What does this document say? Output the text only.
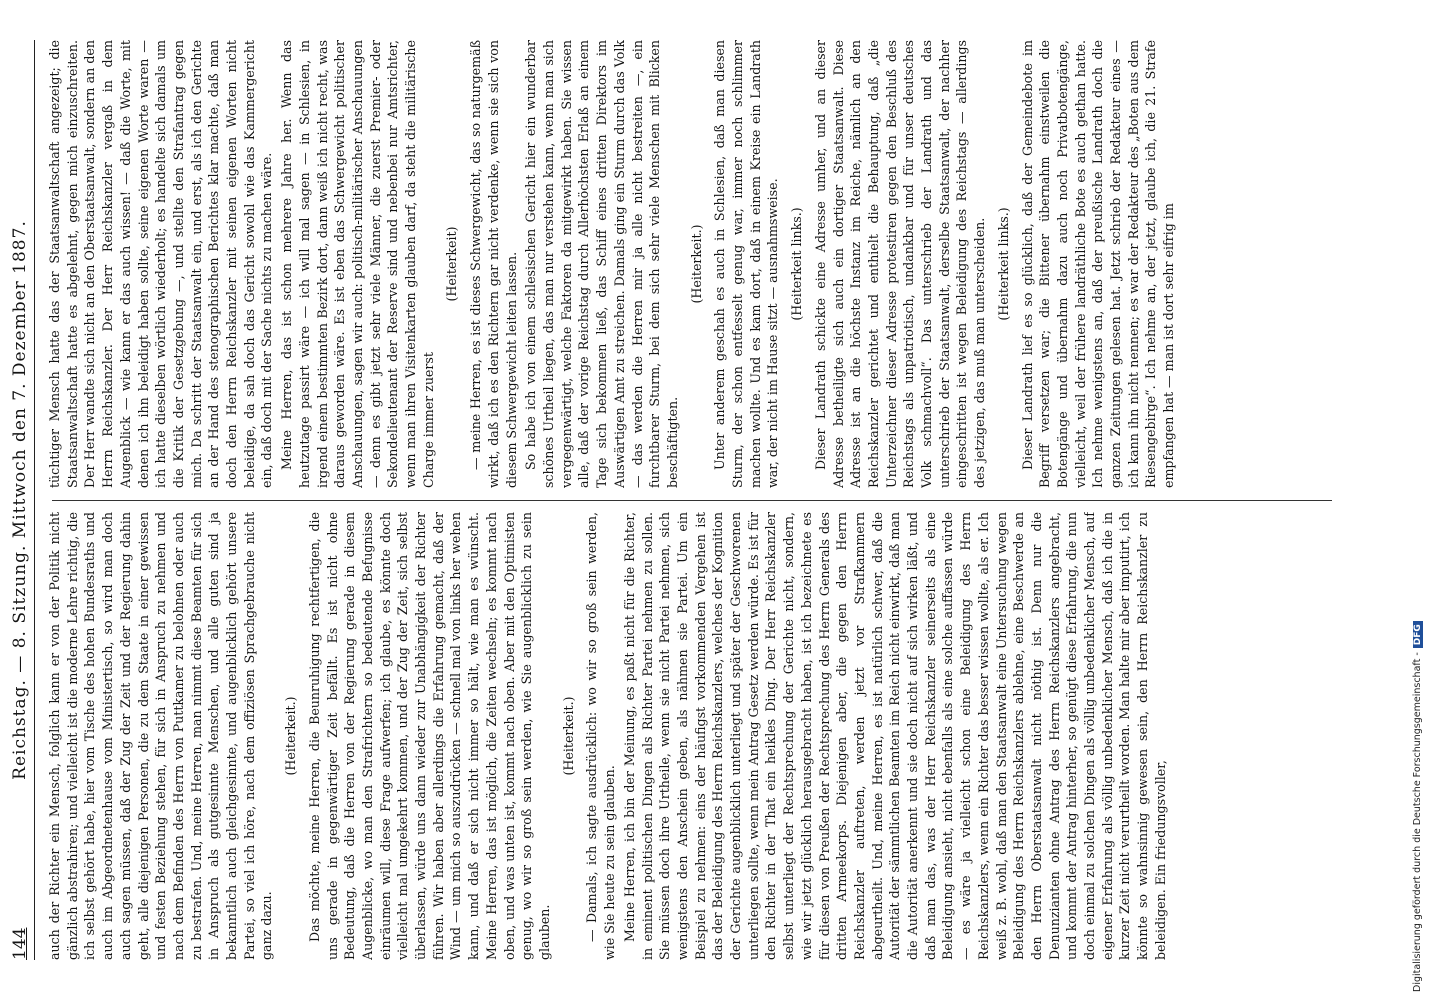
144
Reichstag. — 8. Sitzung. Mittwoch den 7. Dezember 1887. auch der Richter ein Mensch, folglich kann er von der Politik nicht gänzlich abstrahiren; und vielleicht ist die moderne Lehre richtig, die ich selbst gehört habe, hier vom Tische des hohen Bundesraths und auch im Abgeordnetenhause vom Ministertisch, so wird man doch auch sagen müssen, daß der Zug der Zeit und der Regierung dahin geht, alle diejenigen Personen, die zu dem Staate in einer gewissen und festen Beziehung stehen, für sich in Anspruch zu nehmen und nach dem Befinden des Herrn von Puttkamer zu belohnen oder auch zu bestrafen. Und, meine Herren, man nimmt diese Beamten für sich in Anspruch als gutgesinnte Menschen, und alle guten sind ja bekanntlich auch gleichgesinnte, und augenblicklich gehört unsere Partei, so viel ich höre, nach dem offiziösen Sprachgebrauche nicht ganz dazu.

(Heiterkeit.) Das möchte, meine Herren, die Beunruhigung rechtfertigen, die uns gerade in gegenwärtiger Zeit befällt. Es ist nicht ohne Bedeutung, daß die Herren von der Regierung gerade in diesem Augenblicke, wo man den Strafrichtern so bedeutende Befugnisse einräumen will, diese Frage aufwerfen; ich glaube, es könnte doch vielleicht mal umgekehrt kommen, und der Zug der Zeit, sich selbst überlassen, würde uns dann wieder zur Unabhängigkeit der Richter führen. Wir haben aber allerdings die Erfahrung gemacht, daß der Wind — um mich so auszudrücken — schnell mal von links her wehen kann, und daß er sich nicht immer so hält, wie man es wünscht. Meine Herren, das ist möglich, die Zeiten wechseln; es kommt nach oben, und was unten ist, kommt nach oben. Aber mit den Optimisten genug, wo wir so groß sein werden, wie Sie augenblicklich zu sein glauben.

(Heiterkeit.) — Damals, ich sagte ausdrücklich: wo wir so groß sein werden, wie Sie heute zu sein glauben. Meine Herren, ich bin der Meinung, es paßt nicht für die Richter, in eminent politischen Dingen als Richter Partei nehmen zu sollen. Sie müssen doch ihre Urtheile, wenn sie nicht Partei nehmen, sich wenigstens den Anschein geben, als nähmen sie Partei. Um ein Beispiel zu nehmen: eins der häufigst vorkommenden Vergehen ist das der Beleidigung des Herrn Reichskanzlers, welches der Kognition der Gerichte augenblicklich unterliegt und später der Geschworenen unterliegen sollte, wenn mein Antrag Gesetz werden würde. Es ist für den Richter in der That ein heikles Ding. Der Herr Reichskanzler selbst unterliegt der Rechtsprechung der Gerichte nicht, sondern, wie wir jetzt glücklich herausgebracht haben, ist ich bezeichnete es für diesen von Preußen der Rechtsprechung des Herrn Generals des dritten Armeekorps. Diejenigen aber, die gegen den Herrn Reichskanzler auftreten, werden jetzt vor Strafkammern abgeurtheilt. Und, meine Herren, es ist natürlich schwer, daß die Autorität der sämmtlichen Beamten im Reich nicht einwirkt, daß man die Autorität anerkennt und sie doch nicht auf sich wirken läßt, und daß man das, was der Herr Reichskanzler seinerseits als eine Beleidigung ansieht, nicht ebenfalls als eine solche auffassen würde — es wäre ja vielleicht schon eine Beleidigung des Herrn Reichskanzlers, wenn ein Richter das besser wissen wollte, als er. Ich weiß z. B. wohl, daß man den Staatsanwalt eine Untersuchung wegen Beleidigung des Herrn Reichskanzlers ablehne, eine Beschwerde an den Herrn Oberstaatsanwalt nicht nöthig ist. Denn nur die Denunzianten ohne Antrag des Herrn Reichskanzlers angebracht, und kommt der Antrag hinterher, so genügt diese Erfahrung, die nun doch einmal zu solchen Dingen als völlig unbedenklicher Mensch, auf eigener Erfahrung als völlig unbedenklicher Mensch, daß ich die in kurzer Zeit nicht verurtheilt worden. Man halte mir aber imputirt, ich könnte so wahnsinnig gewesen sein, den Herrn Reichskanzler zu beleidigen. Ein friedungsvoller,

tüchtiger Mensch hatte das der Staatsanwaltschaft angezeigt; die Staatsanwaltschaft hatte es abgelehnt, gegen mich einzuschreiten. Der Herr wandte sich nicht an den Oberstaatsanwalt, sondern an den Herrn Reichskanzler. Der Herr Reichskanzler vergaß in dem Augenblick — wie kann er das auch wissen! — daß die Worte, mit denen ich ihn beleidigt haben sollte, seine eigenen Worte waren — ich hatte dieselben wörtlich wiederholt; es handelte sich damals um die Kritik der Gesetzgebung —, und stellte den Strafantrag gegen mich. Da schritt der Staatsanwalt ein, und erst, als ich den Gerichte an der Hand des stenographischen Berichtes klar machte, daß man doch den Herrn Reichskanzler mit seinen eigenen Worten nicht beleidige, da sah doch das Gericht sowohl wie das Kammergericht ein, daß doch mit der Sache nichts zu machen wäre. Meine Herren, das ist schon mehrere Jahre her. Wenn das heutzutage passirt wäre — ich will mal sagen — in Schlesien, in irgend einem bestimmten Bezirk dort, dann weiß ich nicht recht, was daraus geworden wäre. Es ist eben das Schwergewicht politischer Anschauungen, sagen wir auch: politisch-militärischer Anschauungen — denn es gibt jetzt sehr viele Männer, die zuerst Premier- oder Sekondelieutenant der Reserve sind und nebenbei nur Amtsrichter, wenn man ihren Visitenkarten glauben darf, da steht die militärische Charge immer zuerst

(Heiterkeit) — meine Herren, es ist dieses Schwergewicht, das so naturgemäß wirkt, daß ich es den Richtern gar nicht verdenke, wenn sie sich von diesem Schwergewicht leiten lassen. So habe ich von einem schlesischen Gericht hier ein wunderbar schönes Urtheil liegen, das man nur verstehen kann, wenn man sich vergegenwärtigt, welche Faktoren da mitgewirkt haben. Sie wissen alle, daß der vorige Reichstag durch Allerhöchsten Erlaß an einem Tage sich bekommen ließ, das Schiff eines dritten Direktors im Auswärtigen Amt zu streichen. Damals ging ein Sturm durch das Volk — das werden die Herren mir ja alle nicht bestreiten —, ein furchtbarer Sturm, bei dem sich sehr viele Menschen mit Blicken beschäftigten.

(Heiterkeit.) Unter anderem geschah es auch in Schlesien, daß man diesen Sturm, der schon entfesselt genug war, immer noch schlimmer machen wollte. Und es kam dort, daß in einem Kreise ein Landrath war, der nicht im Hause sitzt — ausnahmsweise. (Heiterkeit links.) Dieser Landrath schickte eine Adresse umher, und an dieser Adresse betheiligte sich auch ein dortiger Staatsanwalt. Diese Adresse ist an die höchste Instanz im Reiche, nämlich an den Reichskanzler gerichtet und enthielt die Behauptung, daß „die Unterzeichner dieser Adresse protestiren gegen den Beschluß des Reichstags als unpatriotisch, undankbar und für unser deutsches Volk schmachvoll“. Das unterschrieb der Landrath und das unterschrieb der Staatsanwalt, derselbe Staatsanwalt, der nachher eingeschritten ist wegen Beleidigung des Reichstags — allerdings des jetzigen, das muß man unterscheiden. (Heiterkeit links.) Dieser Landrath lief es so glücklich, daß der Gemeindebote im Begriff versetzen war; die Bittener übernahm einstweilen die Botengänge und übernahm dazu auch noch Privatbotengänge, vielleicht, weil der frühere landräthliche Bote es auch gethan hatte. Ich nehme wenigstens an, daß der preußische Landrath doch die ganzen Zeitungen gelesen hat. Jetzt schrieb der Redakteur eines — ich kann ihn nicht nennen; es war der Redakteur des „Boten aus dem Riesengebirge“. Ich nehme an, der jetzt, glaube ich, die 21. Strafe empfangen hat — man ist dort sehr eifrig im

Digitalisierung gefördert durch die Deutsche Forschungsgemeinschaft -DFG
